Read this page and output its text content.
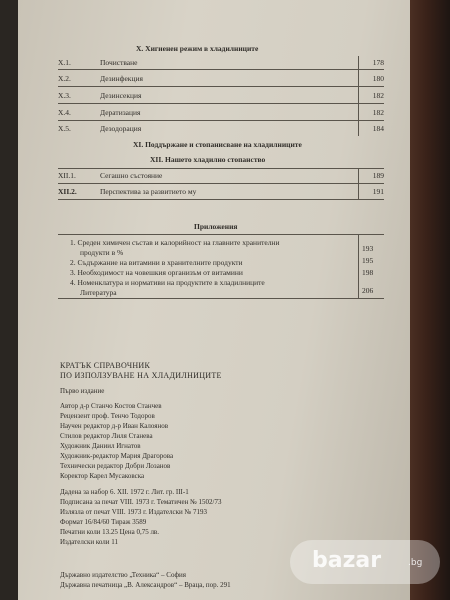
X. Хигиенен режим в хладилниците
X.1.	Почистване	178
X.2.	Дезинфекция	180
X.3.	Дезинсекция	182
X.4.	Дератизация	182
X.5.	Дезодорация	184
XI. Поддържане и стопанисване на хладилниците
XII. Нашето хладилно стопанство
XII.1.	Сегашно състояние	189
XII.2.	Перспектива за развитието му	191
Приложения
1. Среден химичен състав и калорийност на главните хранителни
продукти в %	193
2. Съдържание на витамини в хранителните продукти	195
3. Необходимост на човешкия организъм от витамини	198
4. Номенклатура и нормативи на продуктите в хладилниците
Литература	206
КРАТЪК СПРАВОЧНИК
ПО ИЗПОЛЗУВАНЕ НА ХЛАДИЛНИЦИТЕ
Първо издание
Автор д-р Станчо Костов Станчев
Рецензент проф. Тенчо Тодоров
Научен редактор д-р Иван Калоянов
Стилов редактор Лиля Станева
Художник Даниил Игнатов
Художник-редактор Мария Драгорова
Технически редактор Добри Лозанов
Коректор Карел Мусаковска
Дадена за набор 6. XII. 1972 г. Лит. гр. III-1
Подписана за печат VIII. 1973 г. Тематичен № 1502/73
Излязла от печат VIII. 1973 г. Издателски № 7193
Формат 16/84/60 Тираж 3589
Печатни коли 13.25 Цена 0,75 лв.
Издателски коли 11
Държавно издателство „Техника“ – София
Държавна печатница „В. Александров“ – Враца, пор. 291
bazar	.bg
